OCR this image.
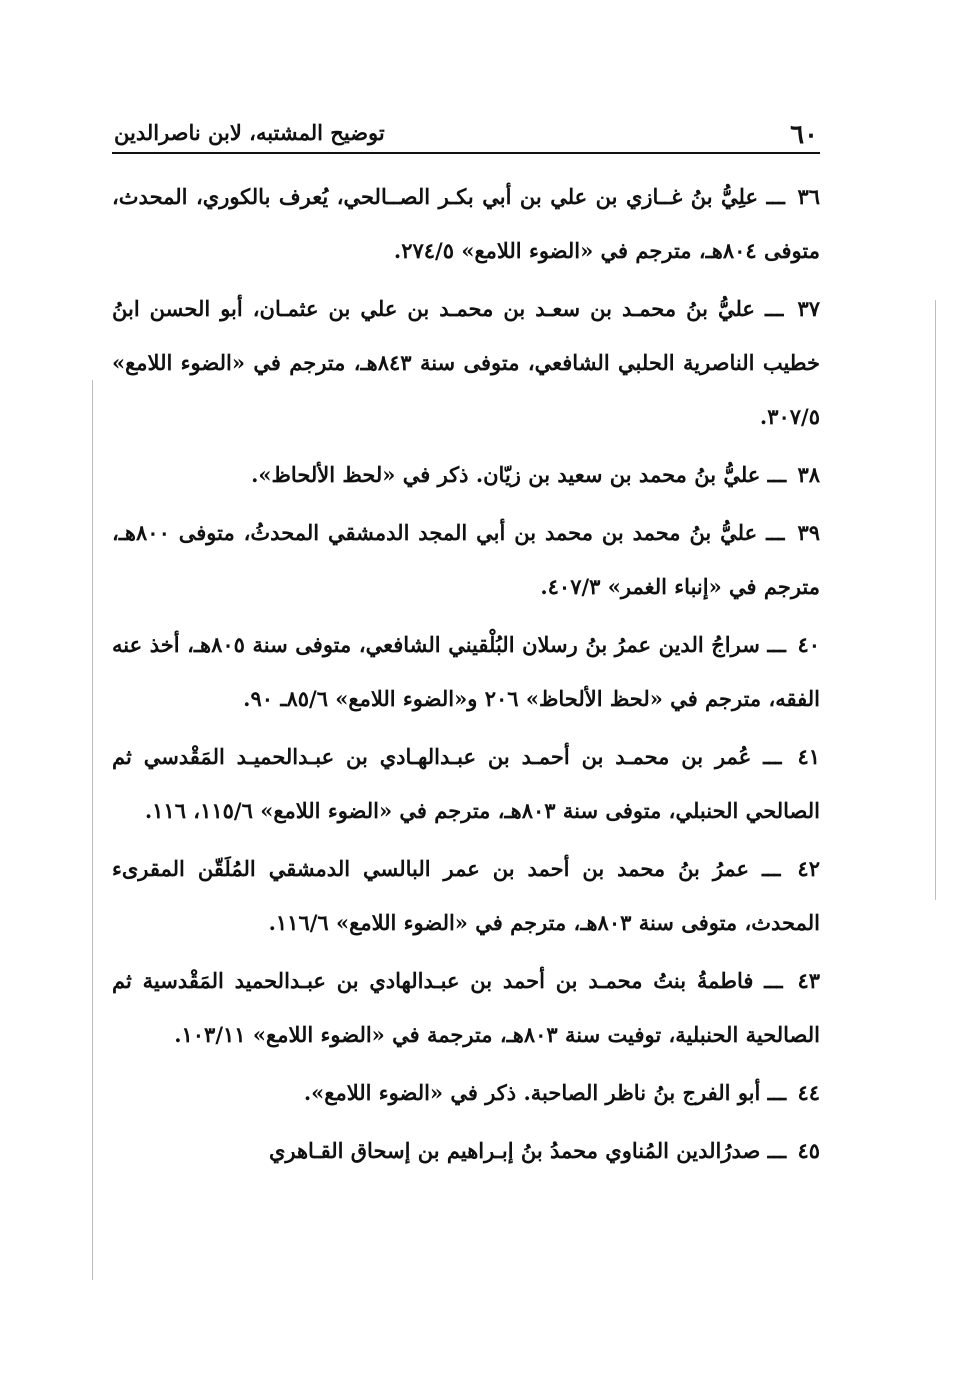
٦٠
توضيح المشتبه، لابن ناصرالدين

٣٦ ـــ علِيُّ بنُ غــازي بن علي بن أبي بكـر الصــالحي، يُعرف بالكوري، المحدث، متوفى ٨٠٤هـ، مترجم في «الضوء اللامع» ٢٧٤/٥.

٣٧ ـــ عليُّ بنُ محمـد بن سعـد بن محمـد بن علي بن عثمـان، أبو الحسن ابنُ خطيب الناصرية الحلبي الشافعي، متوفى سنة ٨٤٣هـ، مترجم في «الضوء اللامع» ٣٠٧/٥.

٣٨ ـــ عليُّ بنُ محمد بن سعيد بن زيّان. ذكر في «لحظ الألحاظ».

٣٩ ـــ عليُّ بنُ محمد بن محمد بن أبي المجد الدمشقي المحدثُ، متوفى ٨٠٠هـ، مترجم في «إنباء الغمر» ٤٠٧/٣.

٤٠ ـــ سراجُ الدين عمرُ بنُ رسلان البُلْقيني الشافعي، متوفى سنة ٨٠٥هـ، أخذ عنه الفقه، مترجم في «لحظ الألحاظ» ٢٠٦ و«الضوء اللامع» ٨٥/٦ـ ٩٠.

٤١ ـــ عُمر بن محمـد بن أحمـد بن عبـدالهـادي بن عبـدالحميـد المَقْدسي ثم الصالحي الحنبلي، متوفى سنة ٨٠٣هـ، مترجم في «الضوء اللامع» ١١٥/٦، ١١٦.

٤٢ ـــ عمرُ بنُ محمد بن أحمد بن عمر البالسي الدمشقي المُلَقّن المقرىء المحدث، متوفى سنة ٨٠٣هـ، مترجم في «الضوء اللامع» ١١٦/٦.

٤٣ ـــ فاطمةُ بنتُ محمـد بن أحمد بن عبـدالهادي بن عبـدالحميد المَقْدسية ثم الصالحية الحنبلية، توفيت سنة ٨٠٣هـ، مترجمة في «الضوء اللامع» ١٠٣/١١.

٤٤ ـــ أبو الفرج بنُ ناظر الصاحبة. ذكر في «الضوء اللامع».

٤٥ ـــ صدرُالدين المُناوي محمدُ بنُ إبـراهيم بن إسحاق القـاهري
